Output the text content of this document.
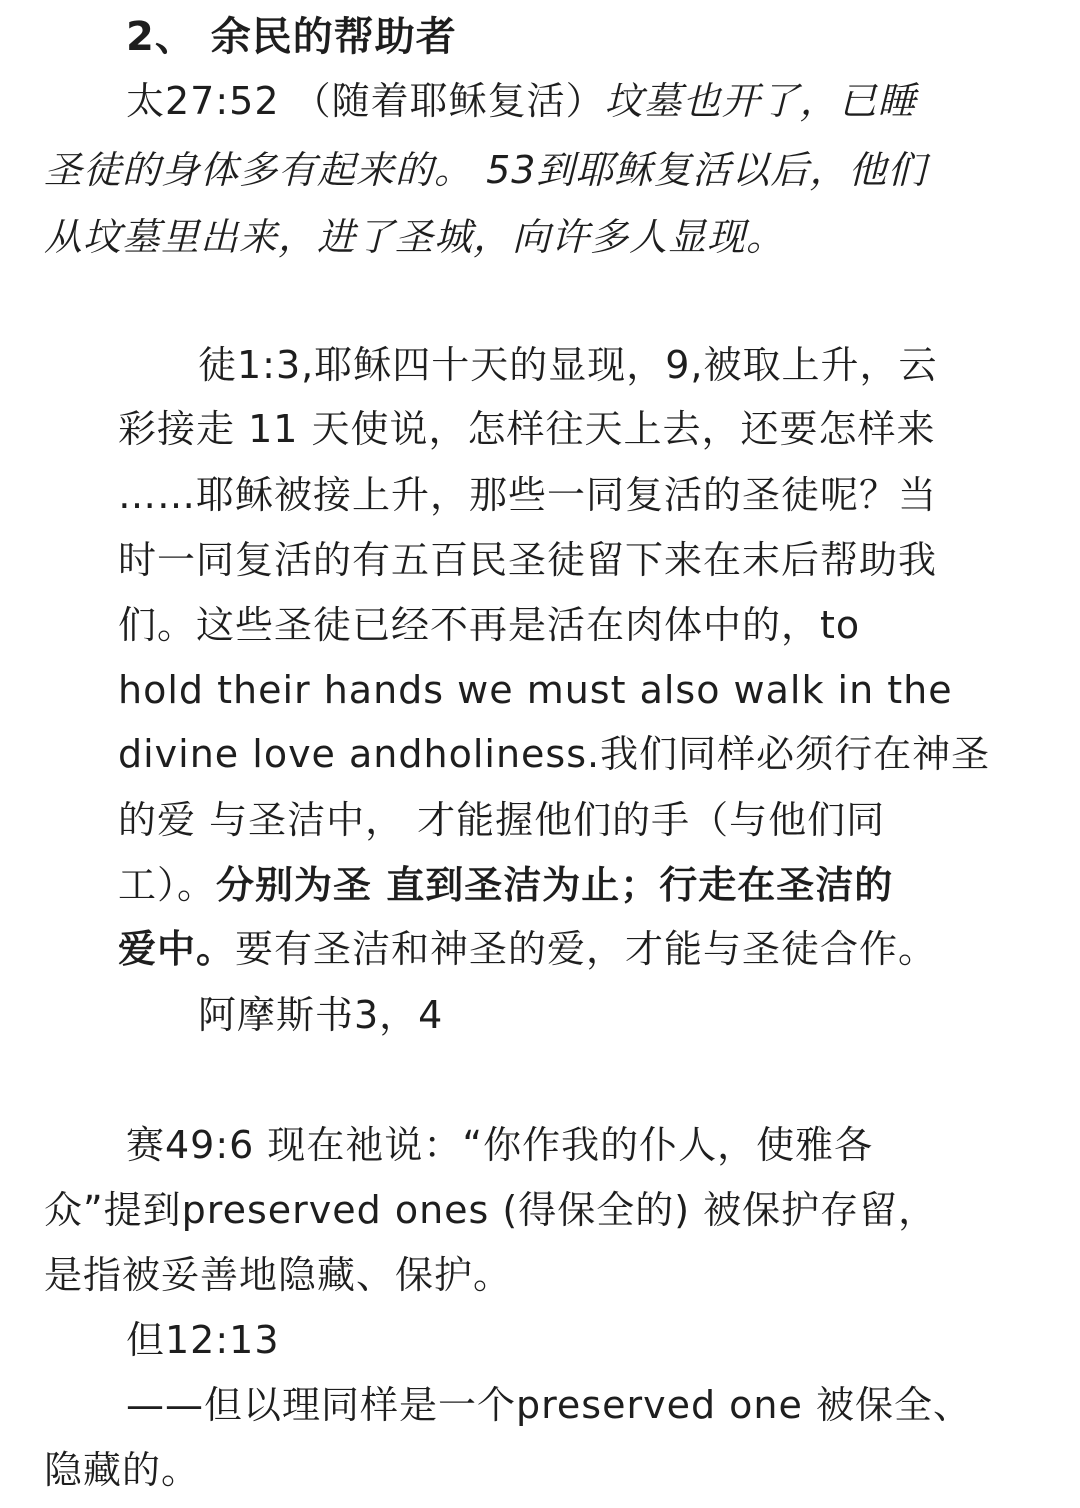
2、 余民的帮助者
太27:52 （随着耶稣复活）坟墓也开了，已睡
圣徒的身体多有起来的。 53到耶稣复活以后，他们
从坟墓里出来，进了圣城，向许多人显现。
徒1:3,耶稣四十天的显现，9,被取上升，云
彩接走 11 天使说，怎样往天上去，还要怎样来
……耶稣被接上升，那些一同复活的圣徒呢？当
时一同复活的有五百民圣徒留下来在末后帮助我
们。这些圣徒已经不再是活在肉体中的，to
hold their hands we must also walk in the
divine love andholiness.我们同样必须行在神圣
的爱 与圣洁中， 才能握他们的手（与他们同
工）。分别为圣 直到圣洁为止；行走在圣洁的
爱中。要有圣洁和神圣的爱，才能与圣徒合作。
阿摩斯书3，4
赛49:6 现在祂说：“你作我的仆人，使雅各
众”提到preserved ones (得保全的) 被保护存留，
是指被妥善地隐藏、保护。
但12:13
——但以理同样是一个preserved one 被保全、
隐藏的。
